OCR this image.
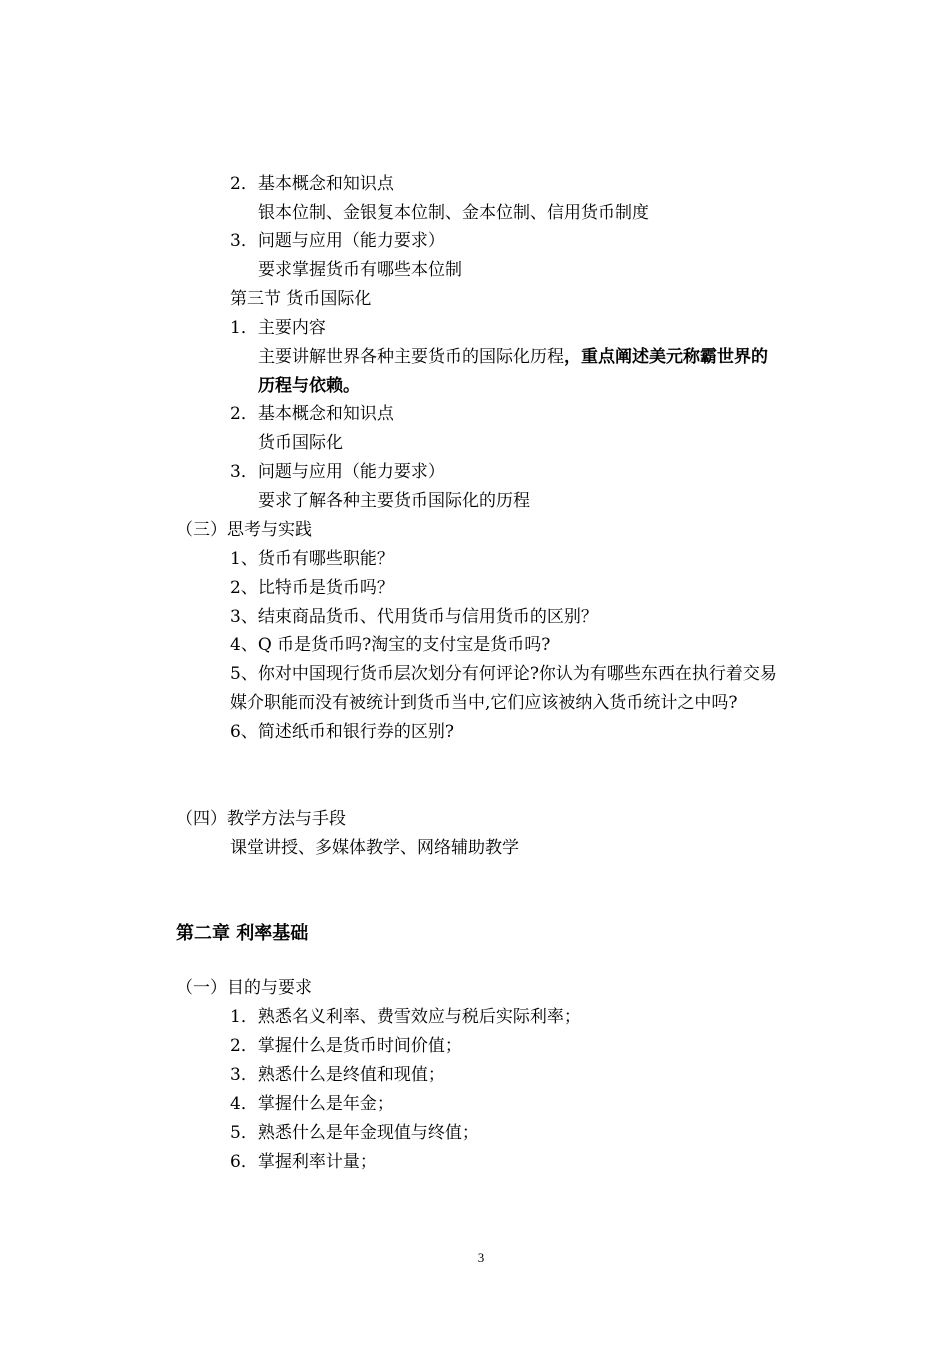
2．基本概念和知识点
银本位制、金银复本位制、金本位制、信用货币制度
3．问题与应用（能力要求）
要求掌握货币有哪些本位制
第三节 货币国际化
1．主要内容
主要讲解世界各种主要货币的国际化历程，重点阐述美元称霸世界的
历程与依赖。
2．基本概念和知识点
货币国际化
3．问题与应用（能力要求）
要求了解各种主要货币国际化的历程
（三）思考与实践
1、货币有哪些职能？
2、比特币是货币吗？
3、结束商品货币、代用货币与信用货币的区别？
4、Q 币是货币吗?淘宝的支付宝是货币吗?
5、你对中国现行货币层次划分有何评论?你认为有哪些东西在执行着交易
媒介职能而没有被统计到货币当中,它们应该被纳入货币统计之中吗?
6、简述纸币和银行券的区别?
（四）教学方法与手段
课堂讲授、多媒体教学、网络辅助教学
第二章 利率基础
（一）目的与要求
1．熟悉名义利率、费雪效应与税后实际利率；
2．掌握什么是货币时间价值；
3．熟悉什么是终值和现值；
4．掌握什么是年金；
5．熟悉什么是年金现值与终值；
6．掌握利率计量；
3
